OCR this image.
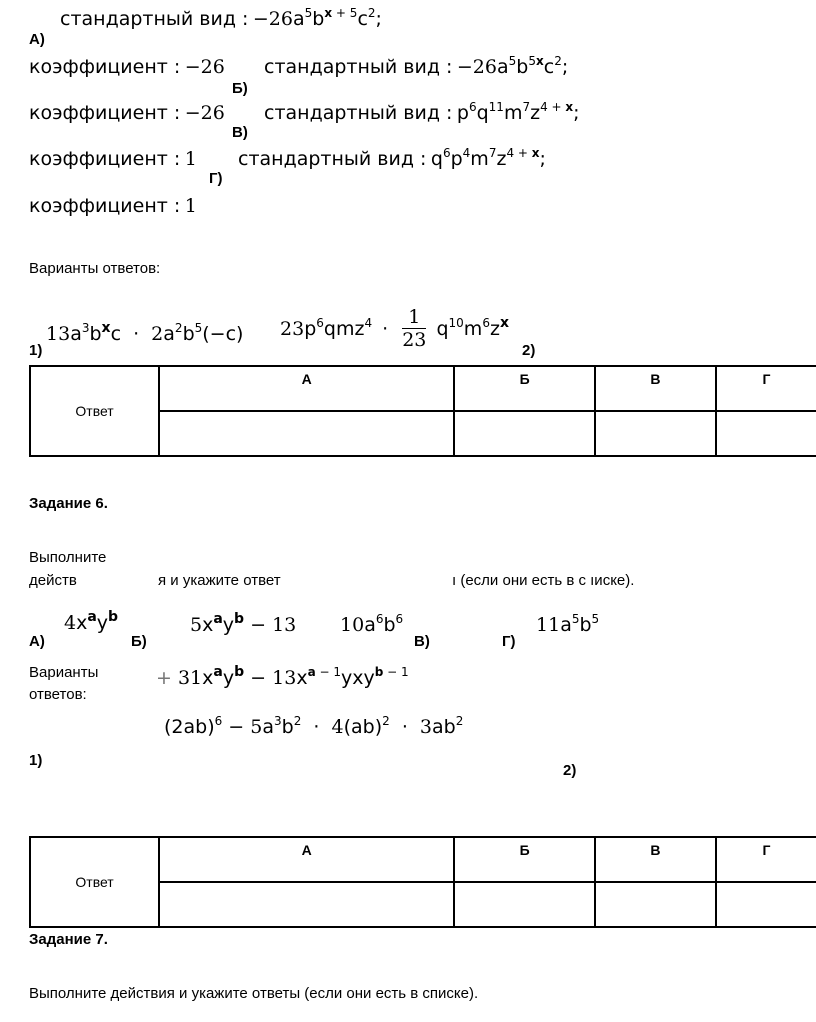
А)
стандартный вид : $-26a^5b^{x + 5}c^2$;
коэффициент : −26
Б)
стандартный вид : $-26a^5b^{5x}c^2$;
коэффициент : −26
В)
стандартный вид : $p^6q^{11}m^7z^{4 + x}$;
коэффициент : 1
Г)
стандартный вид : $q^6p^4m^7z^{4 + x}$;
коэффициент : 1
Варианты ответов:
1)
$13a^3b^xc \cdot 2a^2b^5(-c) 23p^6qmz^4 \cdot \frac{1}{23} q^{10}m^6z^x$
2)
Ответ	А	Б	В	Г

Задание 6.
Выполните
действ	я и укажите ответ	ı (если они есть в с ıиске).
А)
$4x^ay^b$
Б)
$5x^ay^b - 13$ $10a^6b^6$
В)	Г)
$11a^5b^5$
Варианты
ответов:
+ $31x^ay^b - 13x^{a - 1}yxy^{b - 1}$
$(2ab)^6 - 5a^3b^2 \cdot 4(ab)^2 \cdot 3ab^2$
1)
2)
Ответ	А	Б	В	Г

Задание 7.
Выполните действия и укажите ответы (если они есть в списке).
